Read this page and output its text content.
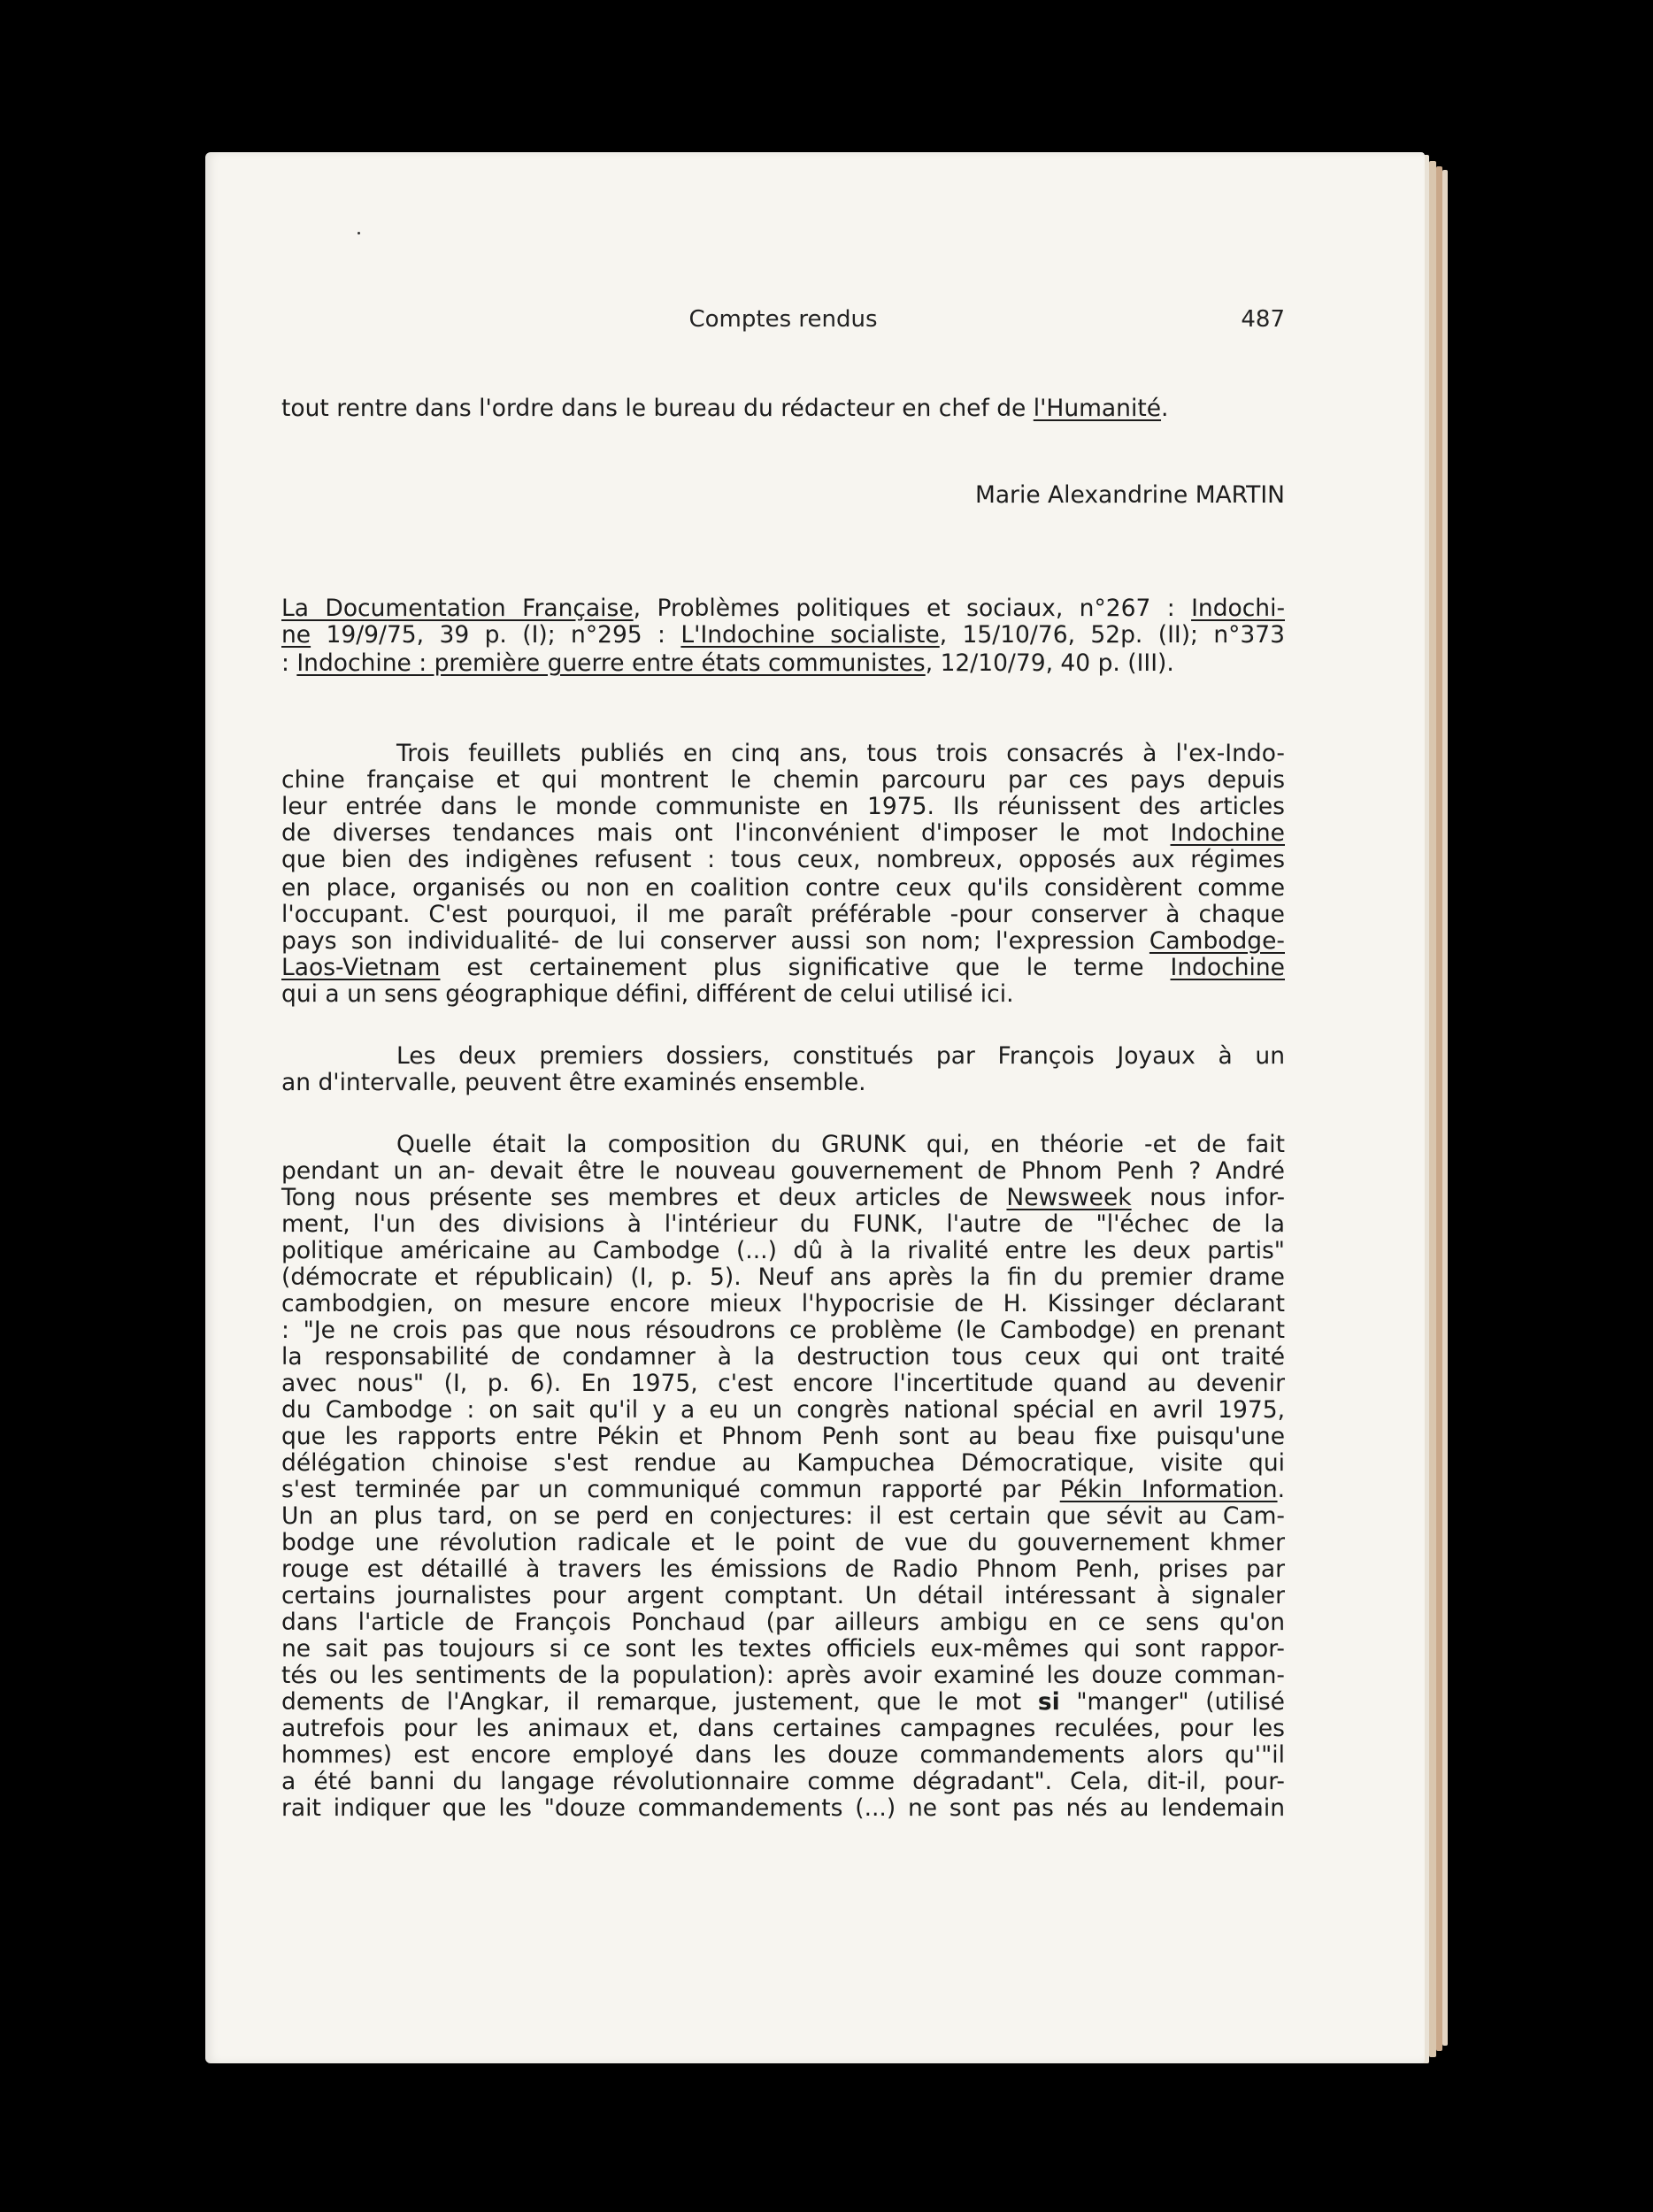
Comptes rendus	487
tout rentre dans l'ordre dans le bureau du rédacteur en chef de l'Humanité.
Marie Alexandrine MARTIN
La Documentation Française, Problèmes politiques et sociaux, n°267 : Indochi-
ne 19/9/75, 39 p. (I); n°295 : L'Indochine socialiste, 15/10/76, 52p. (II); n°373
: Indochine : première guerre entre états communistes, 12/10/79, 40 p. (III).
Trois feuillets publiés en cinq ans, tous trois consacrés à l'ex-Indo-
chine française et qui montrent le chemin parcouru par ces pays depuis
leur entrée dans le monde communiste en 1975. Ils réunissent des articles
de diverses tendances mais ont l'inconvénient d'imposer le mot Indochine
que bien des indigènes refusent : tous ceux, nombreux, opposés aux régimes
en place, organisés ou non en coalition contre ceux qu'ils considèrent comme
l'occupant. C'est pourquoi, il me paraît préférable -pour conserver à chaque
pays son individualité- de lui conserver aussi son nom; l'expression Cambodge-
Laos-Vietnam est certainement plus significative que le terme Indochine
qui a un sens géographique défini, différent de celui utilisé ici.
Les deux premiers dossiers, constitués par François Joyaux à un
an d'intervalle, peuvent être examinés ensemble.
Quelle était la composition du GRUNK qui, en théorie -et de fait
pendant un an- devait être le nouveau gouvernement de Phnom Penh ? André
Tong nous présente ses membres et deux articles de Newsweek nous infor-
ment, l'un des divisions à l'intérieur du FUNK, l'autre de "l'échec de la
politique américaine au Cambodge (...) dû à la rivalité entre les deux partis"
(démocrate et républicain) (I, p. 5). Neuf ans après la fin du premier drame
cambodgien, on mesure encore mieux l'hypocrisie de H. Kissinger déclarant
: "Je ne crois pas que nous résoudrons ce problème (le Cambodge) en prenant
la responsabilité de condamner à la destruction tous ceux qui ont traité
avec nous" (I, p. 6). En 1975, c'est encore l'incertitude quand au devenir
du Cambodge : on sait qu'il y a eu un congrès national spécial en avril 1975,
que les rapports entre Pékin et Phnom Penh sont au beau fixe puisqu'une
délégation chinoise s'est rendue au Kampuchea Démocratique, visite qui
s'est terminée par un communiqué commun rapporté par Pékin Information.
Un an plus tard, on se perd en conjectures: il est certain que sévit au Cam-
bodge une révolution radicale et le point de vue du gouvernement khmer
rouge est détaillé à travers les émissions de Radio Phnom Penh, prises par
certains journalistes pour argent comptant. Un détail intéressant à signaler
dans l'article de François Ponchaud (par ailleurs ambigu en ce sens qu'on
ne sait pas toujours si ce sont les textes officiels eux-mêmes qui sont rappor-
tés ou les sentiments de la population): après avoir examiné les douze comman-
dements de l'Angkar, il remarque, justement, que le mot si "manger" (utilisé
autrefois pour les animaux et, dans certaines campagnes reculées, pour les
hommes) est encore employé dans les douze commandements alors qu'"il
a été banni du langage révolutionnaire comme dégradant". Cela, dit-il, pour-
rait indiquer que les "douze commandements (...) ne sont pas nés au lendemain
